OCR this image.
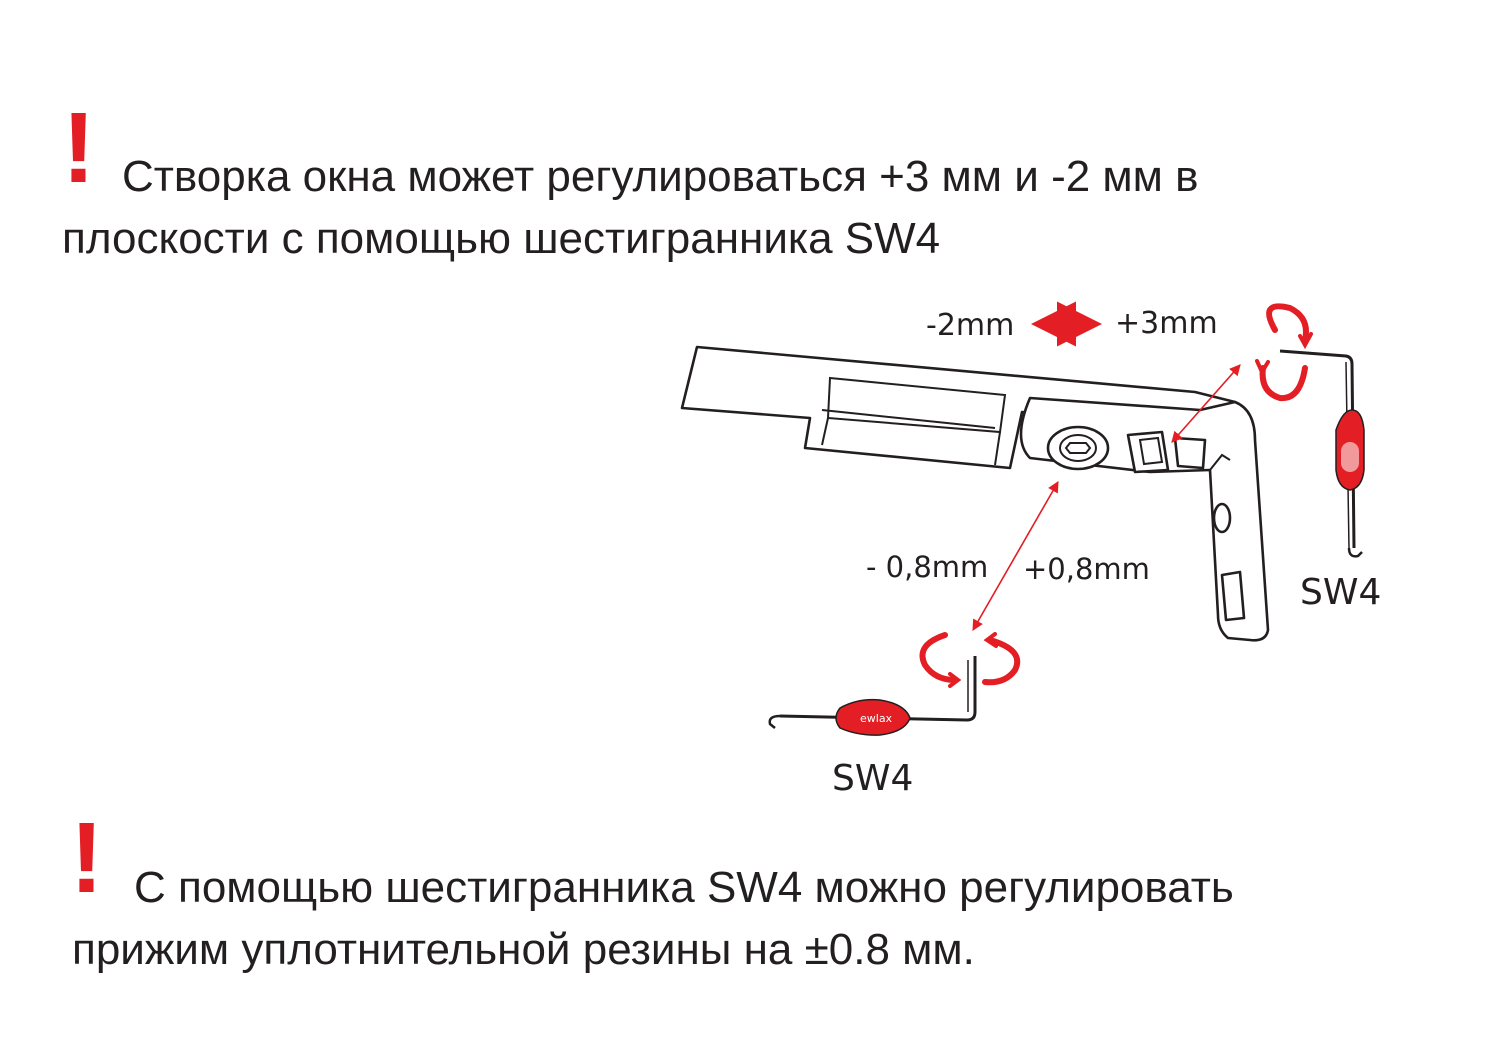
!
!
Створка окна может регулироваться +3 мм и -2 мм в
плоскости с помощью шестигранника SW4
С помощью шестигранника SW4 можно регулировать
прижим уплотнительной резины на ±0.8 мм.
-2mm	+3mm
- 0,8mm +0,8mm
SW4
ewlax
SW4
